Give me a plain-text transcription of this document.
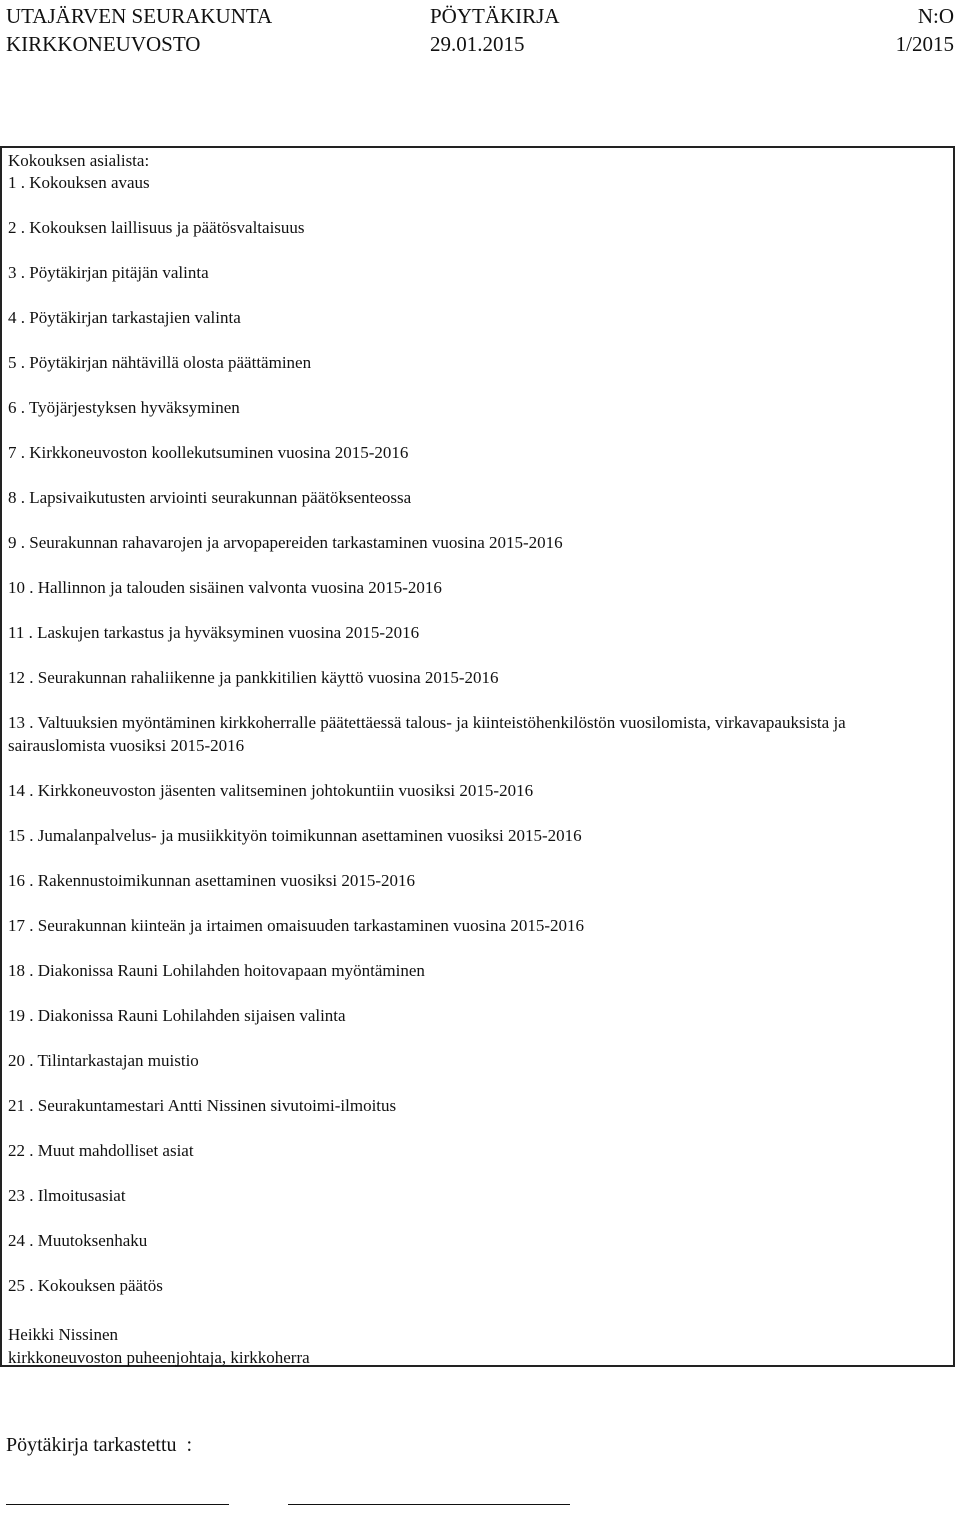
UTAJÄRVEN SEURAKUNTA	PÖYTÄKIRJA	N:O
KIRKKONEUVOSTO	29.01.2015	1/2015
Kokouksen asialista:
1 . Kokouksen avaus
2 . Kokouksen laillisuus ja päätösvaltaisuus
3 . Pöytäkirjan pitäjän valinta
4 . Pöytäkirjan tarkastajien valinta
5 . Pöytäkirjan nähtävillä olosta päättäminen
6 . Työjärjestyksen hyväksyminen
7 . Kirkkoneuvoston koollekutsuminen vuosina 2015-2016
8 . Lapsivaikutusten arviointi seurakunnan päätöksenteossa
9 . Seurakunnan rahavarojen ja arvopapereiden tarkastaminen vuosina 2015-2016
10 . Hallinnon ja talouden sisäinen valvonta vuosina 2015-2016
11 . Laskujen tarkastus ja hyväksyminen vuosina 2015-2016
12 . Seurakunnan rahaliikenne ja pankkitilien käyttö vuosina 2015-2016
13 . Valtuuksien myöntäminen kirkkoherralle päätettäessä talous- ja kiinteistöhenkilöstön vuosilomista, virkavapauksista ja sairauslomista vuosiksi 2015-2016
14 . Kirkkoneuvoston jäsenten valitseminen johtokuntiin vuosiksi 2015-2016
15 . Jumalanpalvelus- ja musiikkityön toimikunnan asettaminen vuosiksi 2015-2016
16 . Rakennustoimikunnan asettaminen vuosiksi 2015-2016
17 . Seurakunnan kiinteän ja irtaimen omaisuuden tarkastaminen vuosina 2015-2016
18 . Diakonissa Rauni Lohilahden hoitovapaan myöntäminen
19 . Diakonissa Rauni Lohilahden sijaisen valinta
20 . Tilintarkastajan muistio
21 . Seurakuntamestari Antti Nissinen sivutoimi-ilmoitus
22 . Muut mahdolliset asiat
23 . Ilmoitusasiat
24 . Muutoksenhaku
25 . Kokouksen päätös
Heikki Nissinen
kirkkoneuvoston puheenjohtaja, kirkkoherra
Pöytäkirja tarkastettu  :
